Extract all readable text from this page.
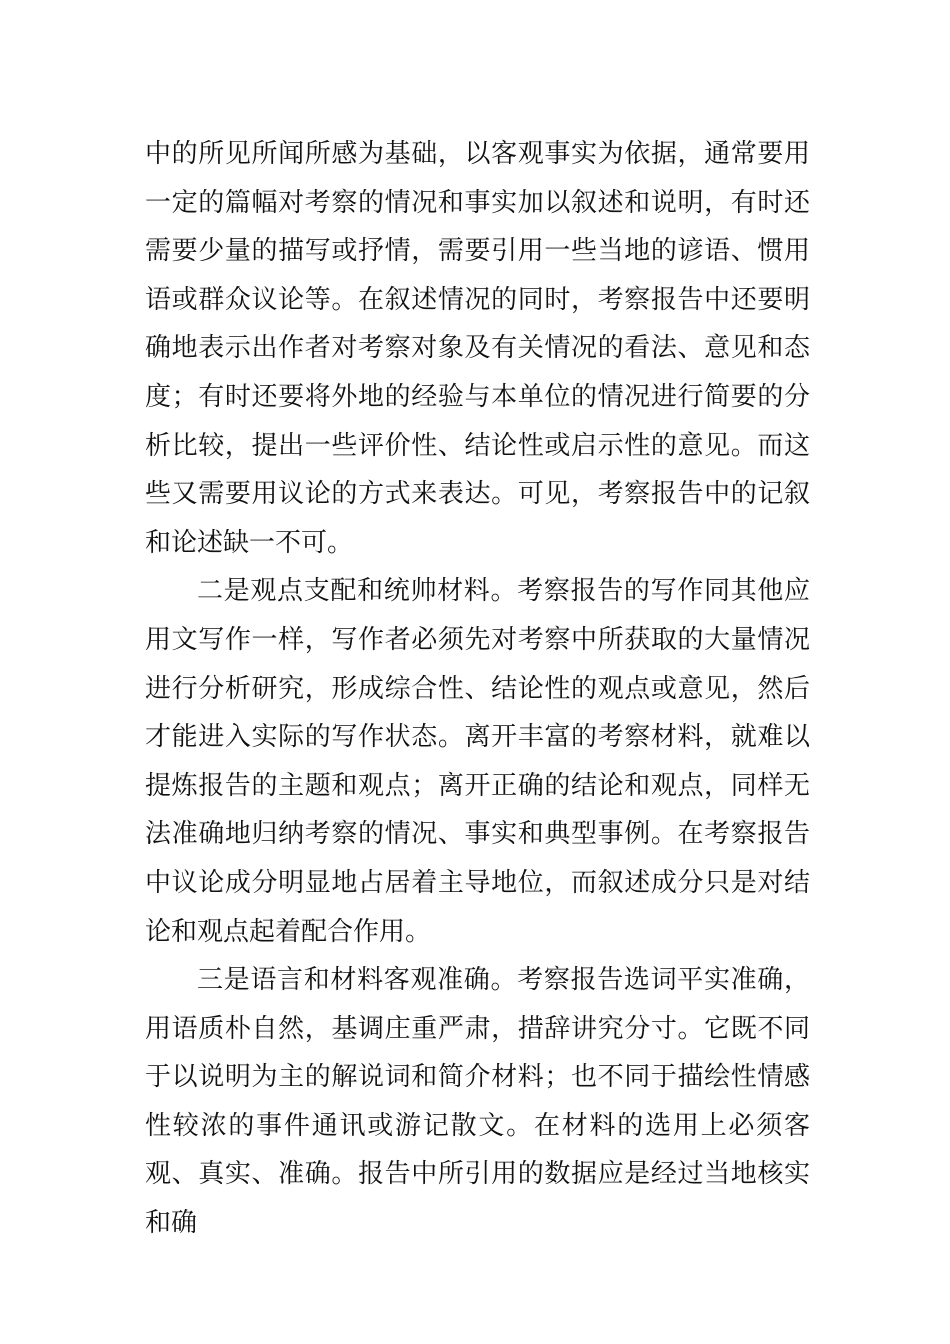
中的所见所闻所感为基础，以客观事实为依据，通常要用一定的篇幅对考察的情况和事实加以叙述和说明，有时还需要少量的描写或抒情，需要引用一些当地的谚语、惯用语或群众议论等。在叙述情况的同时，考察报告中还要明确地表示出作者对考察对象及有关情况的看法、意见和态度；有时还要将外地的经验与本单位的情况进行简要的分析比较，提出一些评价性、结论性或启示性的意见。而这些又需要用议论的方式来表达。可见，考察报告中的记叙和论述缺一不可。

二是观点支配和统帅材料。考察报告的写作同其他应用文写作一样，写作者必须先对考察中所获取的大量情况进行分析研究，形成综合性、结论性的观点或意见，然后才能进入实际的写作状态。离开丰富的考察材料，就难以提炼报告的主题和观点；离开正确的结论和观点，同样无法准确地归纳考察的情况、事实和典型事例。在考察报告中议论成分明显地占居着主导地位，而叙述成分只是对结论和观点起着配合作用。

三是语言和材料客观准确。考察报告选词平实准确，用语质朴自然，基调庄重严肃，措辞讲究分寸。它既不同于以说明为主的解说词和简介材料；也不同于描绘性情感性较浓的事件通讯或游记散文。在材料的选用上必须客观、真实、准确。报告中所引用的数据应是经过当地核实和确
